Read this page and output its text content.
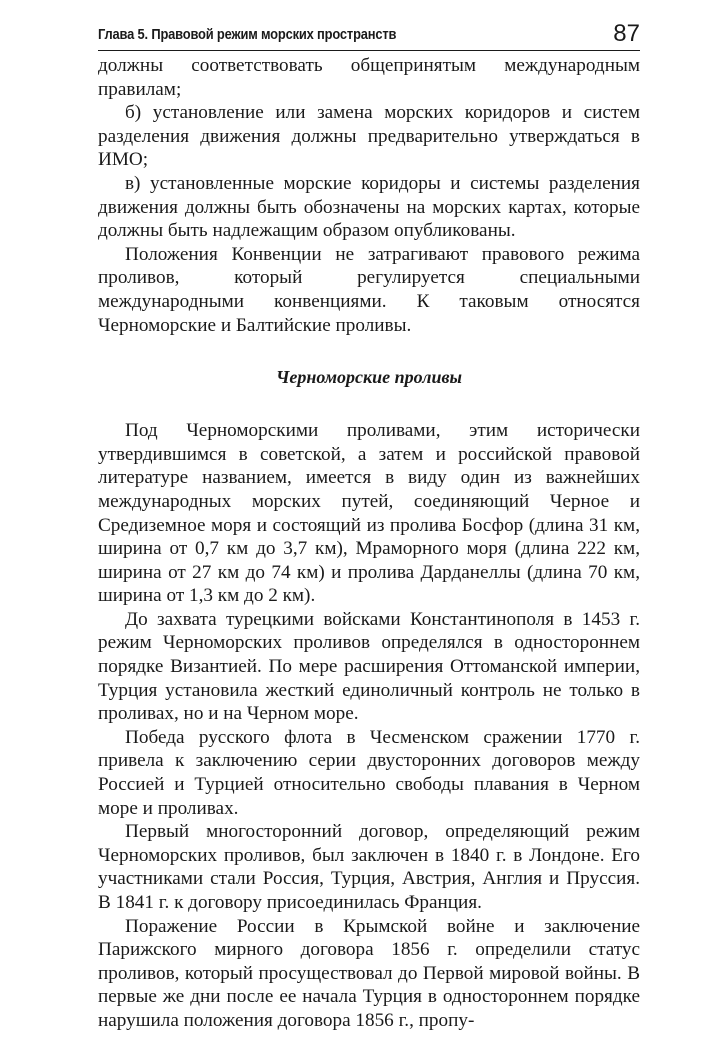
Глава 5. Правовой режим морских пространств	87

должны соответствовать общепринятым международным правилам;

б) установление или замена морских коридоров и систем разделения движения должны предварительно утверждаться в ИМО;

в) установленные морские коридоры и системы разделения движения должны быть обозначены на морских картах, которые должны быть надлежащим образом опубликованы.

Положения Конвенции не затрагивают правового режима проливов, который регулируется специальными международными конвенциями. К таковым относятся Черноморские и Балтийские проливы.

Черноморские проливы

Под Черноморскими проливами, этим исторически утвердившимся в советской, а затем и российской правовой литературе названием, имеется в виду один из важнейших международных морских путей, соединяющий Черное и Средиземное моря и состоящий из пролива Босфор (длина 31 км, ширина от 0,7 км до 3,7 км), Мраморного моря (длина 222 км, ширина от 27 км до 74 км) и пролива Дарданеллы (длина 70 км, ширина от 1,3 км до 2 км).

До захвата турецкими войсками Константинополя в 1453 г. режим Черноморских проливов определялся в одностороннем порядке Византией. По мере расширения Оттоманской империи, Турция установила жесткий единоличный контроль не только в проливах, но и на Черном море.

Победа русского флота в Чесменском сражении 1770 г. привела к заключению серии двусторонних договоров между Россией и Турцией относительно свободы плавания в Черном море и проливах.

Первый многосторонний договор, определяющий режим Черноморских проливов, был заключен в 1840 г. в Лондоне. Его участниками стали Россия, Турция, Австрия, Англия и Пруссия. В 1841 г. к договору присоединилась Франция.

Поражение России в Крымской войне и заключение Парижского мирного договора 1856 г. определили статус проливов, который просуществовал до Первой мировой войны. В первые же дни после ее начала Турция в одностороннем порядке нарушила положения договора 1856 г., пропу-
